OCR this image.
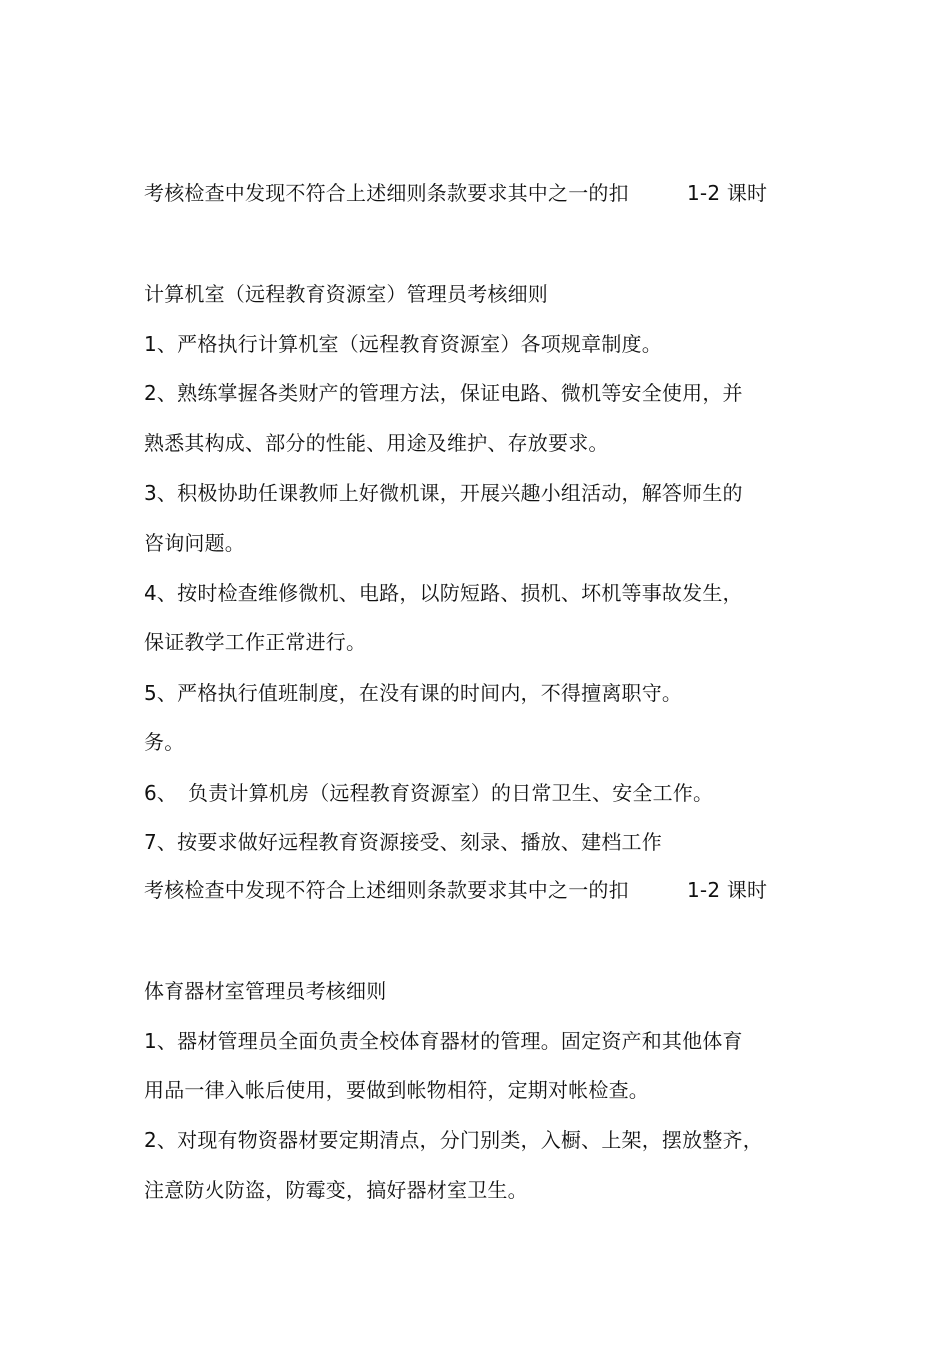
考核检查中发现不符合上述细则条款要求其中之一的扣	1-2 课时
计算机室（远程教育资源室）管理员考核细则
1、严格执行计算机室（远程教育资源室）各项规章制度。
2、熟练掌握各类财产的管理方法，保证电路、微机等安全使用，并
熟悉其构成、部分的性能、用途及维护、存放要求。
3、积极协助任课教师上好微机课，开展兴趣小组活动，解答师生的
咨询问题。
4、按时检查维修微机、电路，以防短路、损机、坏机等事故发生，
保证教学工作正常进行。
5、严格执行值班制度，在没有课的时间内，不得擅离职守。
务。
6、 负责计算机房（远程教育资源室）的日常卫生、安全工作。
7、按要求做好远程教育资源接受、刻录、播放、建档工作
考核检查中发现不符合上述细则条款要求其中之一的扣	1-2 课时
体育器材室管理员考核细则
1、器材管理员全面负责全校体育器材的管理。固定资产和其他体育
用品一律入帐后使用，要做到帐物相符，定期对帐检查。
2、对现有物资器材要定期清点，分门别类，入橱、上架，摆放整齐，
注意防火防盗，防霉变，搞好器材室卫生。
